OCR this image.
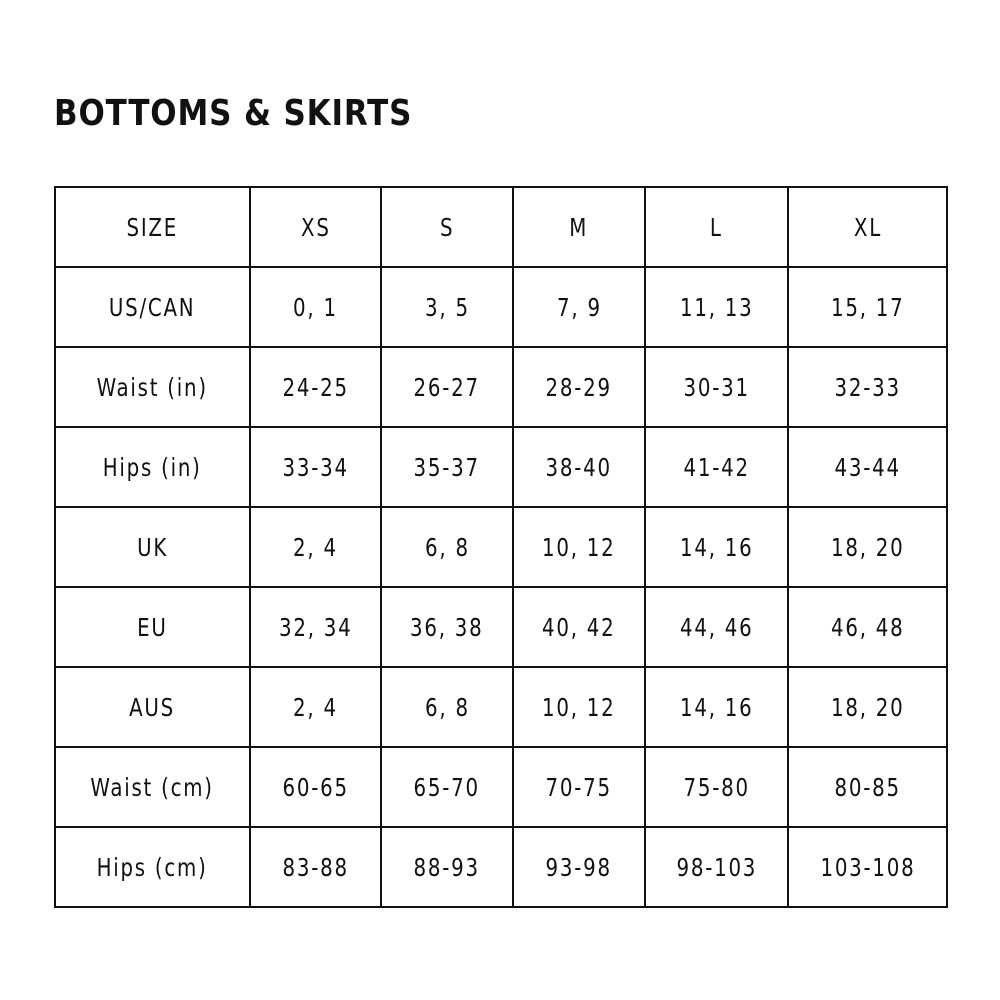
BOTTOMS & SKIRTS
SIZE	XS	S	M	L	XL
US/CAN	0, 1	3, 5	7, 9	11, 13	15, 17
Waist (in)	24-25	26-27	28-29	30-31	32-33
Hips (in)	33-34	35-37	38-40	41-42	43-44
UK	2, 4	6, 8	10, 12	14, 16	18, 20
EU	32, 34	36, 38	40, 42	44, 46	46, 48
AUS	2, 4	6, 8	10, 12	14, 16	18, 20
Waist (cm)	60-65	65-70	70-75	75-80	80-85
Hips (cm)	83-88	88-93	93-98	98-103	103-108
